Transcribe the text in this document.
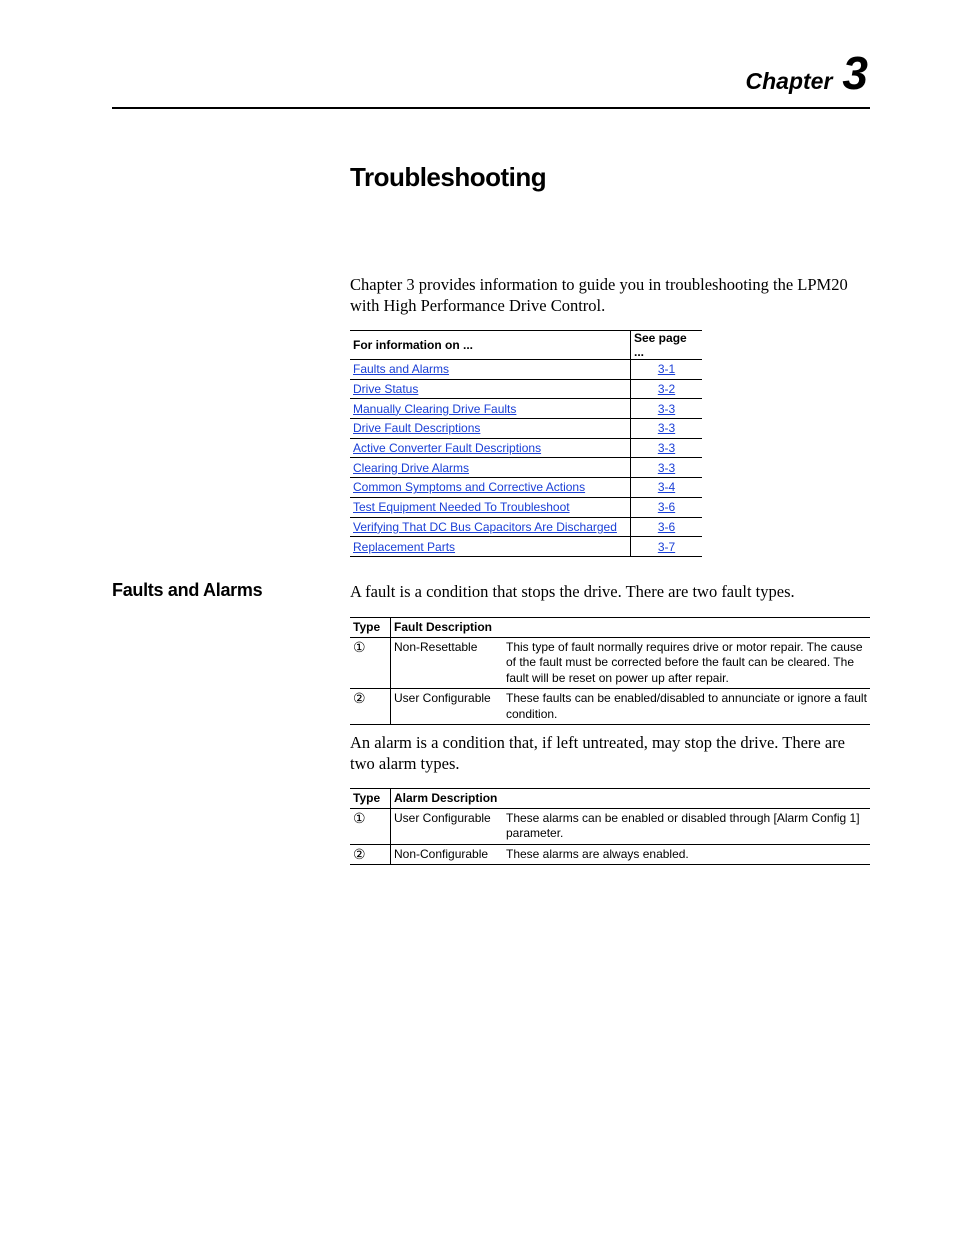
Chapter 3
Troubleshooting

Chapter 3 provides information to guide you in troubleshooting the LPM20 with High Performance Drive Control.

For information on ...	See page ...
Faults and Alarms	3-1
Drive Status	3-2
Manually Clearing Drive Faults	3-3
Drive Fault Descriptions	3-3
Active Converter Fault Descriptions	3-3
Clearing Drive Alarms	3-3
Common Symptoms and Corrective Actions	3-4
Test Equipment Needed To Troubleshoot	3-6
Verifying That DC Bus Capacitors Are Discharged	3-6
Replacement Parts	3-7
Faults and Alarms	A fault is a condition that stops the drive. There are two fault types.

Type	Fault Description	
①	Non-Resettable	This type of fault normally requires drive or motor repair. The cause of the fault must be corrected before the fault can be cleared. The fault will be reset on power up after repair.
②	User Configurable	These faults can be enabled/disabled to annunciate or ignore a fault condition.

An alarm is a condition that, if left untreated, may stop the drive. There are two alarm types.

Type	Alarm Description	
①	User Configurable	These alarms can be enabled or disabled through [Alarm Config 1] parameter.
②	Non-Configurable	These alarms are always enabled.
